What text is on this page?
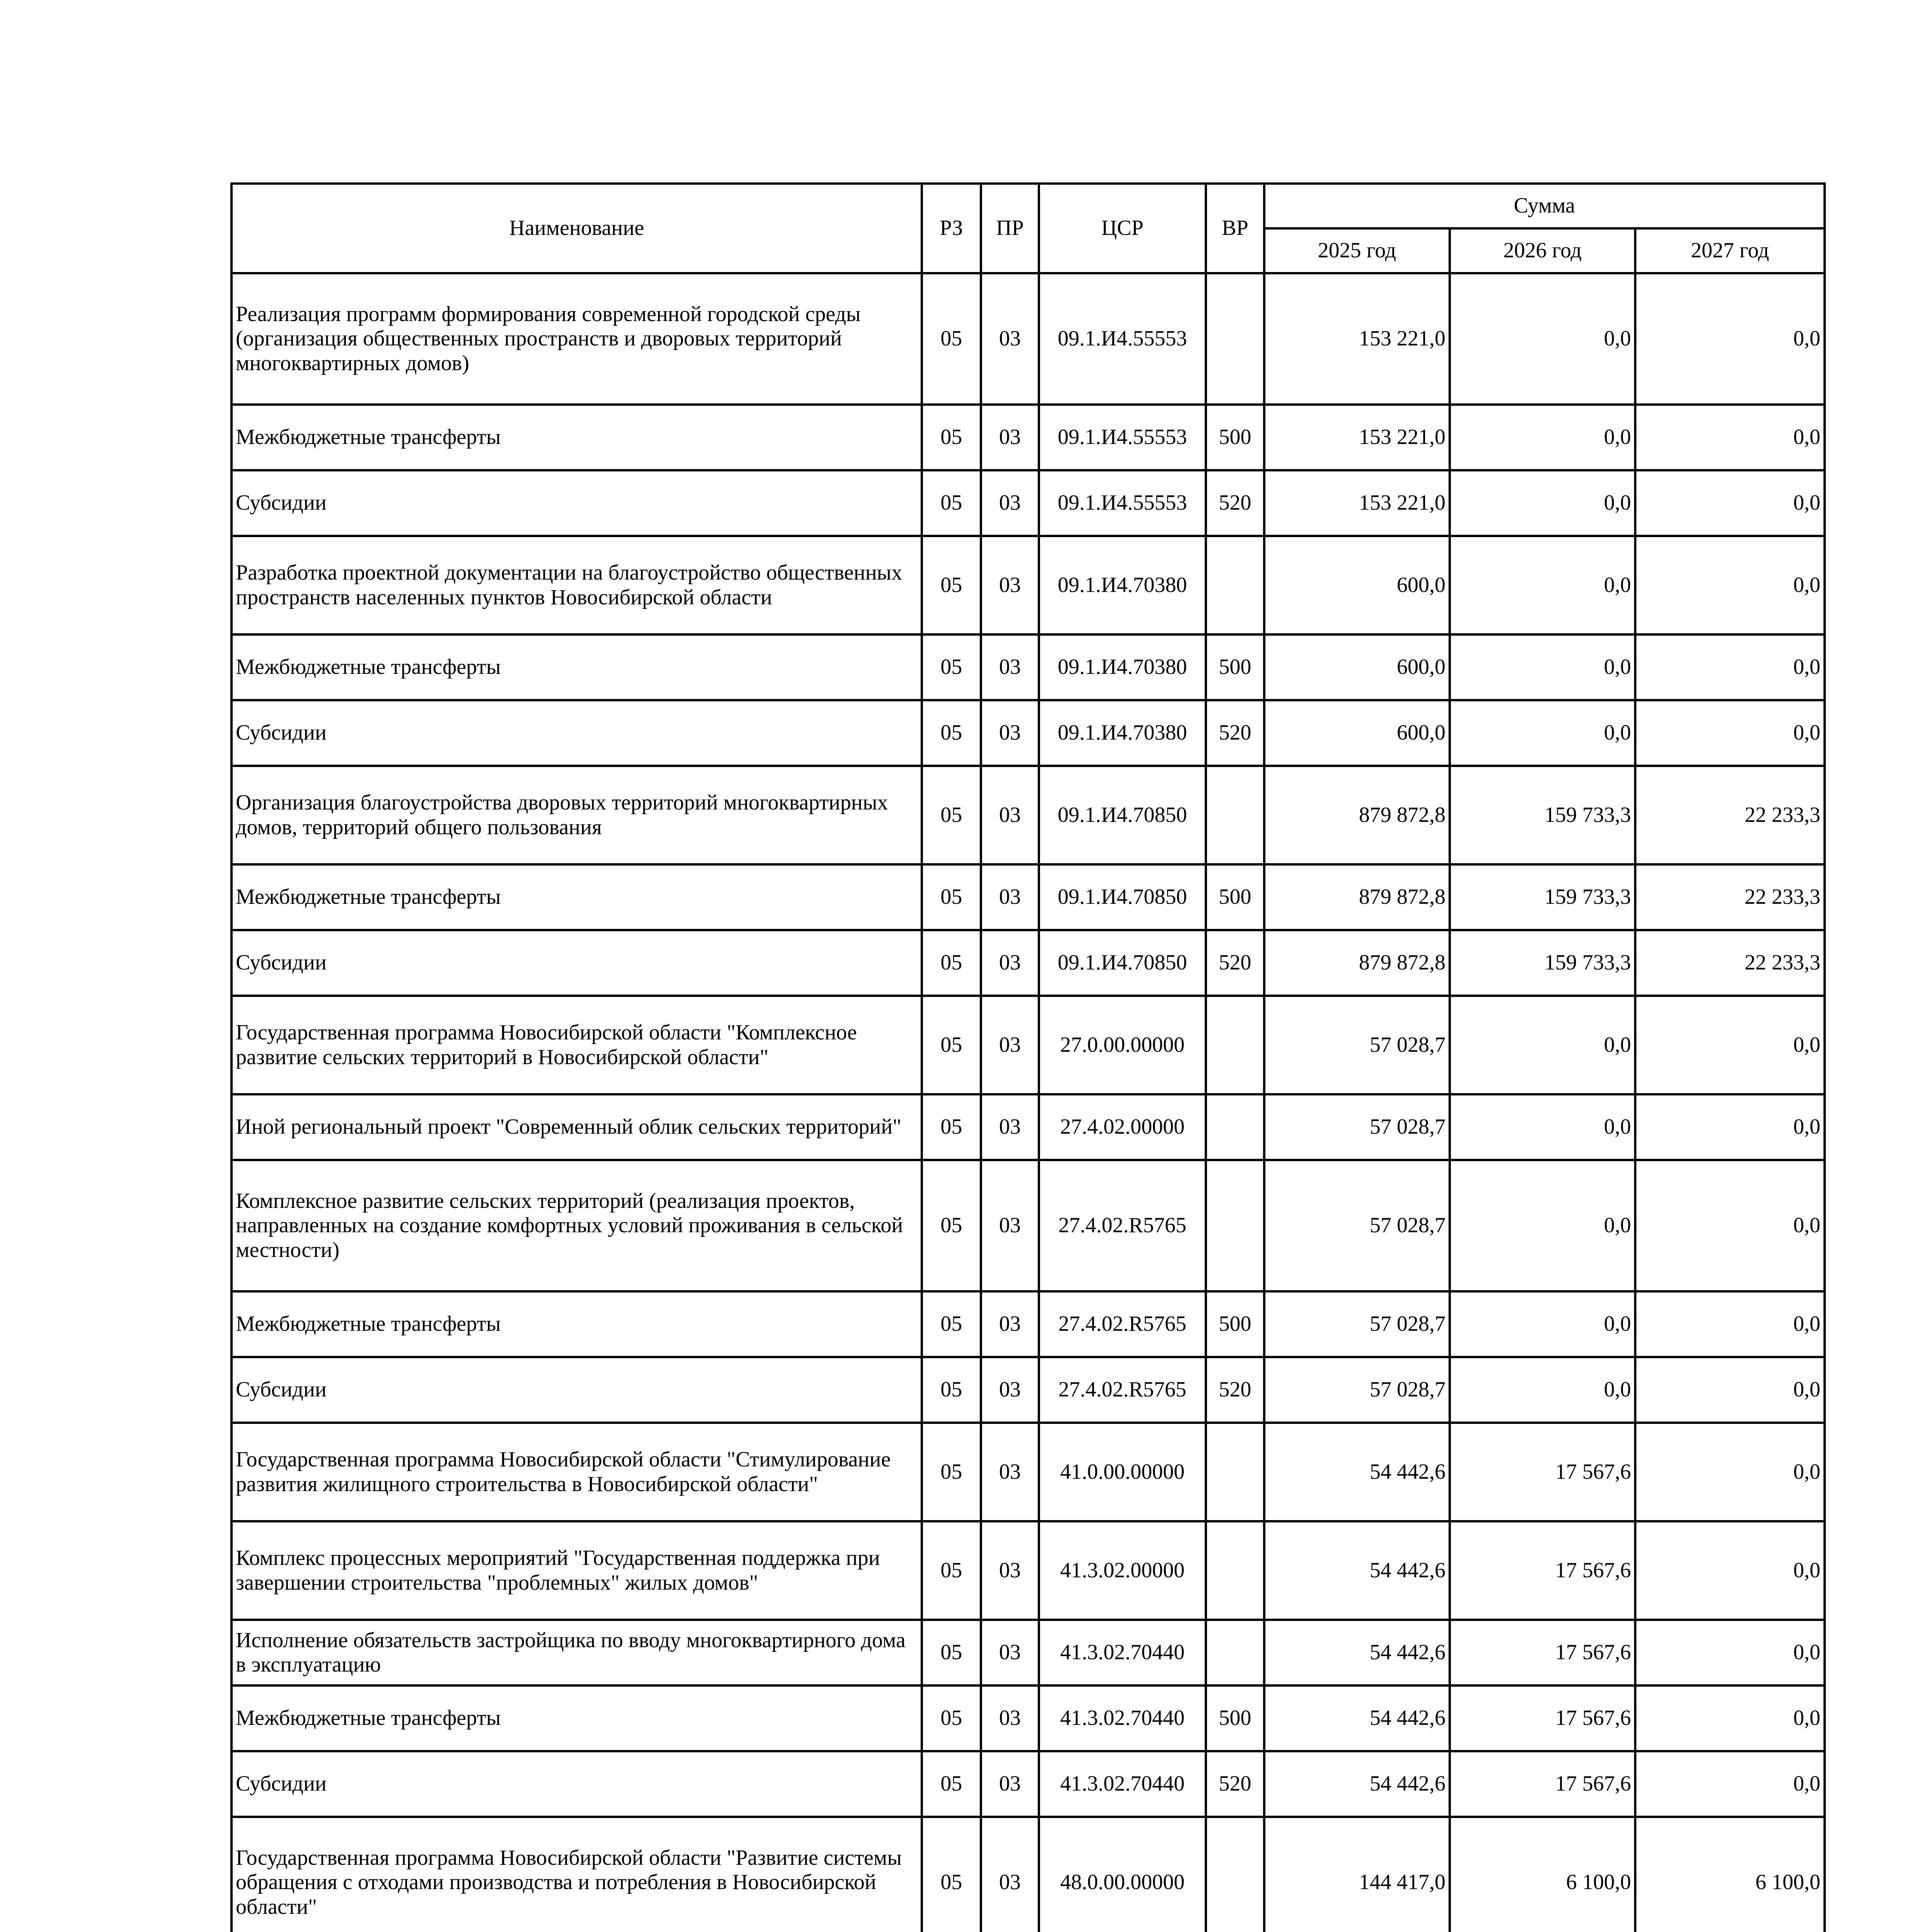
Наименование	РЗ	ПР	ЦСР	ВР	Сумма		
					2025 год	2026 год	2027 год
Реализация программ формирования современной городской среды (организация общественных пространств и дворовых территорий многоквартирных домов)	05	03	09.1.И4.55553		153 221,0	0,0	0,0
Межбюджетные трансферты	05	03	09.1.И4.55553	500	153 221,0	0,0	0,0
Субсидии	05	03	09.1.И4.55553	520	153 221,0	0,0	0,0
Разработка проектной документации на благоустройство общественных пространств населенных пунктов Новосибирской области	05	03	09.1.И4.70380		600,0	0,0	0,0
Межбюджетные трансферты	05	03	09.1.И4.70380	500	600,0	0,0	0,0
Субсидии	05	03	09.1.И4.70380	520	600,0	0,0	0,0
Организация благоустройства дворовых территорий многоквартирных домов, территорий общего пользования	05	03	09.1.И4.70850		879 872,8	159 733,3	22 233,3
Межбюджетные трансферты	05	03	09.1.И4.70850	500	879 872,8	159 733,3	22 233,3
Субсидии	05	03	09.1.И4.70850	520	879 872,8	159 733,3	22 233,3
Государственная программа Новосибирской области "Комплексное развитие сельских территорий в Новосибирской области"	05	03	27.0.00.00000		57 028,7	0,0	0,0
Иной региональный проект "Современный облик сельских территорий"	05	03	27.4.02.00000		57 028,7	0,0	0,0
Комплексное развитие сельских территорий (реализация проектов, направленных на создание комфортных условий проживания в сельской местности)	05	03	27.4.02.R5765		57 028,7	0,0	0,0
Межбюджетные трансферты	05	03	27.4.02.R5765	500	57 028,7	0,0	0,0
Субсидии	05	03	27.4.02.R5765	520	57 028,7	0,0	0,0
Государственная программа Новосибирской области "Стимулирование развития жилищного строительства в Новосибирской области"	05	03	41.0.00.00000		54 442,6	17 567,6	0,0
Комплекс процессных мероприятий "Государственная поддержка при завершении строительства "проблемных" жилых домов"	05	03	41.3.02.00000		54 442,6	17 567,6	0,0
Исполнение обязательств застройщика по вводу многоквартирного дома в эксплуатацию	05	03	41.3.02.70440		54 442,6	17 567,6	0,0
Межбюджетные трансферты	05	03	41.3.02.70440	500	54 442,6	17 567,6	0,0
Субсидии	05	03	41.3.02.70440	520	54 442,6	17 567,6	0,0
Государственная программа Новосибирской области "Развитие системы обращения с отходами производства и потребления в Новосибирской области"	05	03	48.0.00.00000		144 417,0	6 100,0	6 100,0
